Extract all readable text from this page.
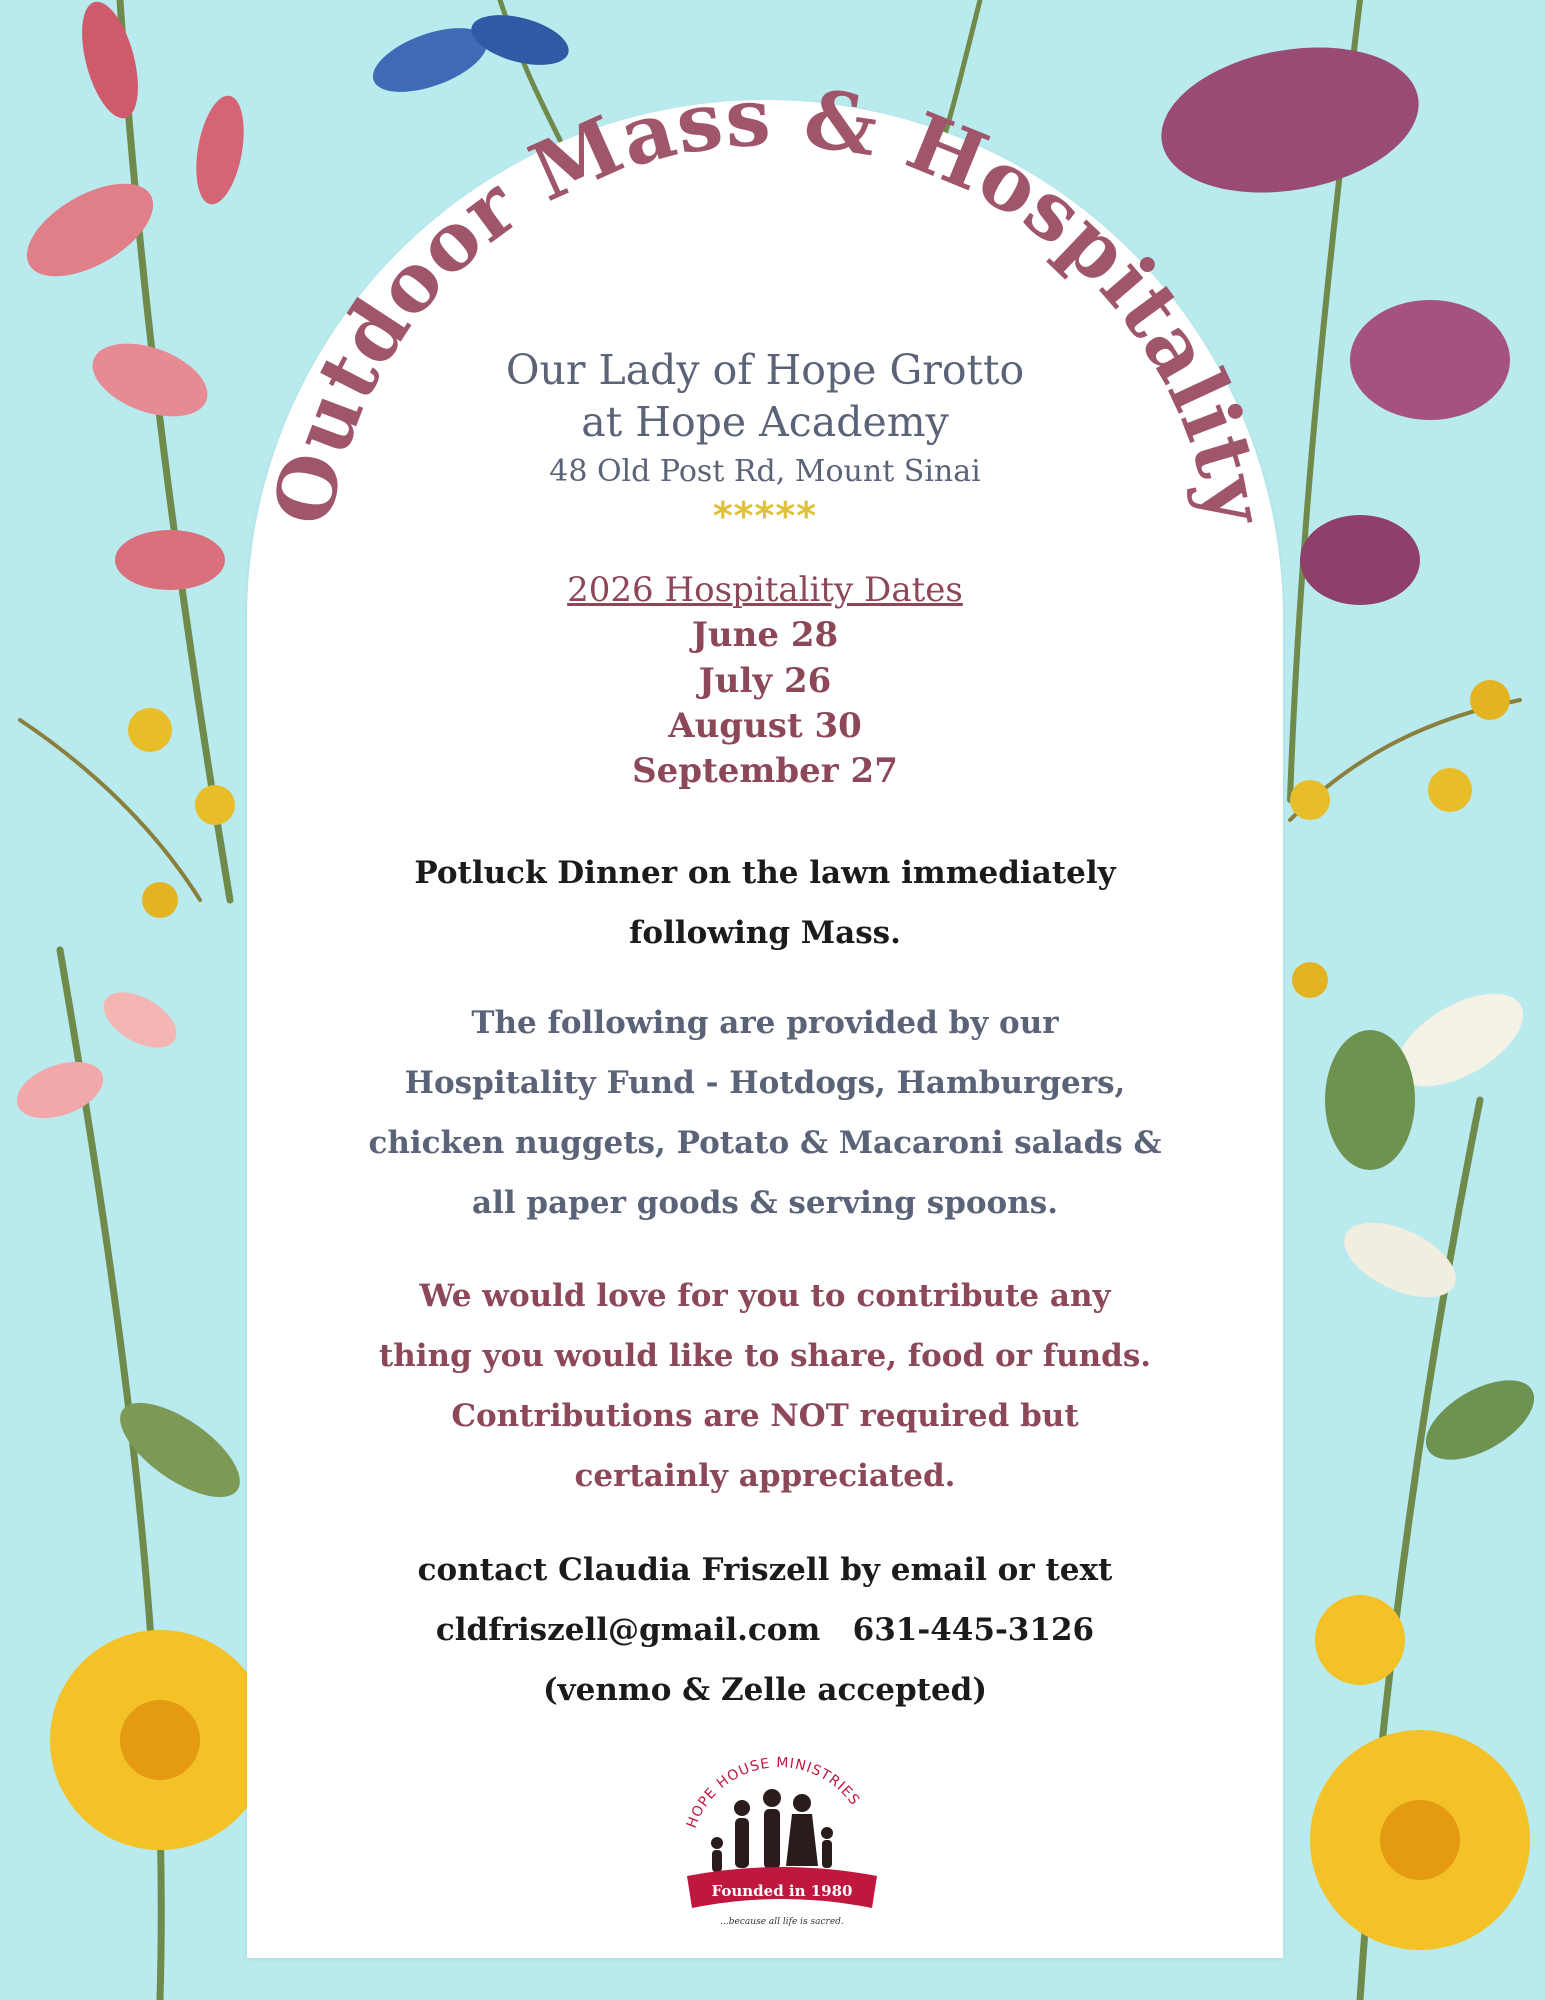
Outdoor Mass & Hospitality
Our Lady of Hope Grotto
at Hope Academy
48 Old Post Rd, Mount Sinai
*****
2026 Hospitality Dates
June 28
July 26
August 30
September 27
Potluck Dinner on the lawn immediately
following Mass.
The following are provided by our
Hospitality Fund - Hotdogs, Hamburgers,
chicken nuggets, Potato & Macaroni salads &
all paper goods & serving spoons.
We would love for you to contribute any
thing you would like to share, food or funds.
Contributions are NOT required but
certainly appreciated.
contact Claudia Friszell by email or text
cldfriszell@gmail.com 631-445-3126
(venmo & Zelle accepted)
HOPE HOUSE MINISTRIES
Founded in 1980
...because all life is sacred.
